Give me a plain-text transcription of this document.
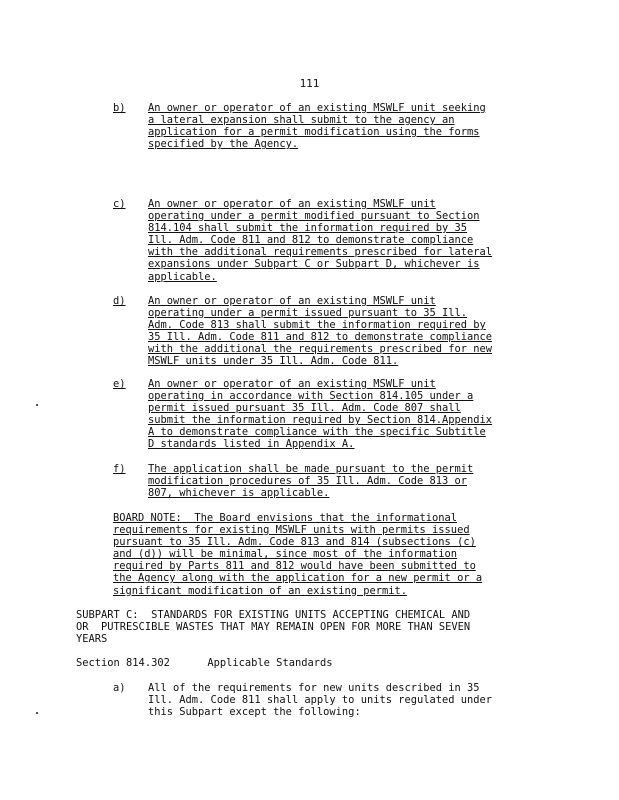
111
b) An owner or operator of an existing MSWLF unit seeking
a lateral expansion shall submit to the agency an
application for a permit modification using the forms
specified by the Agency.
c) An owner or operator of an existing MSWLF unit
operating under a permit modified pursuant to Section
814.104 shall submit the information required by 35
Ill. Adm. Code 811 and 812 to demonstrate compliance
with the additional requirements prescribed for lateral
expansions under Subpart C or Subpart D, whichever is
applicable.
d) An owner or operator of an existing MSWLF unit
operating under a permit issued pursuant to 35 Ill.
Adm. Code 813 shall submit the information required by
35 Ill. Adm. Code 811 and 812 to demonstrate compliance
with the additional the requirements prescribed for new
MSWLF units under 35 Ill. Adm. Code 811.
e) An owner or operator of an existing MSWLF unit
operating in accordance with Section 814.105 under a
permit issued pursuant 35 Ill. Adm. Code 807 shall
submit the information required by Section 814.Appendix
A to demonstrate compliance with the specific Subtitle
D standards listed in Appendix A.
f) The application shall be made pursuant to the permit
modification procedures of 35 Ill. Adm. Code 813 or
807, whichever is applicable.
BOARD NOTE:  The Board envisions that the informational
requirements for existing MSWLF units with permits issued
pursuant to 35 Ill. Adm. Code 813 and 814 (subsections (c)
and (d)) will be minimal, since most of the information
required by Parts 811 and 812 would have been submitted to
the Agency along with the application for a new permit or a
significant modification of an existing permit.
SUBPART C:  STANDARDS FOR EXISTING UNITS ACCEPTING CHEMICAL AND
OR  PUTRESCIBLE WASTES THAT MAY REMAIN OPEN FOR MORE THAN SEVEN
YEARS
Section 814.302      Applicable Standards
a) All of the requirements for new units described in 35
Ill. Adm. Code 811 shall apply to units regulated under
this Subpart except the following:
